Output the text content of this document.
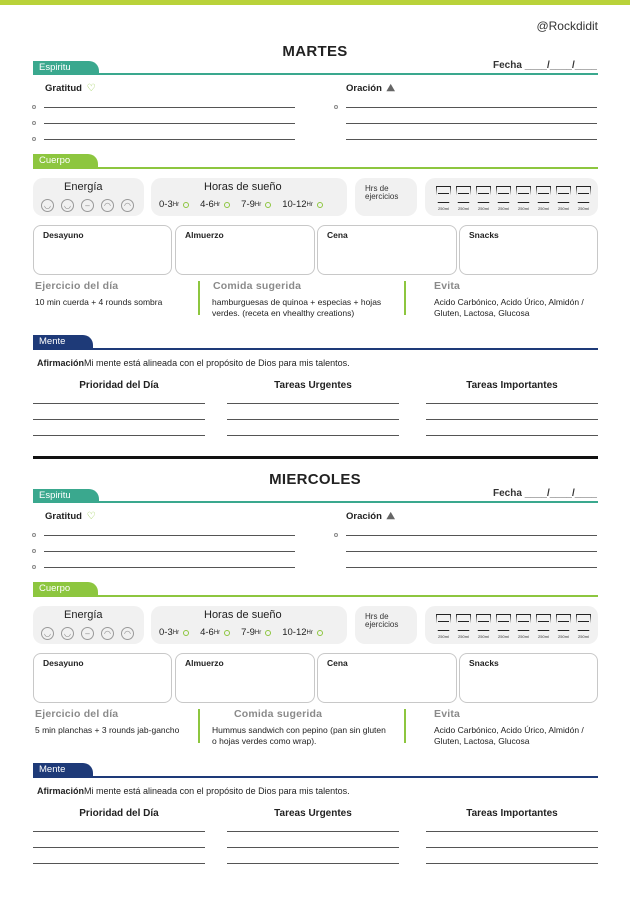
@Rockdidit
MARTES
Espiritu	Fecha ____/____/____
Gratitud ♡	Oración ⛰
Cuerpo
Energía
◡	◡	–	◠	◠
Horas de sueño
0-3 Hr 4-6 Hr 7-9 Hr 10-12 Hr
Hrs de ejercicios
250ml 250ml 250ml 250ml 250ml 250ml 250ml 250ml
Desayuno	Almuerzo	Cena	Snacks
Ejercicio del día
10 min cuerda + 4 rounds sombra
Comida sugerida
hamburguesas de quinoa + especias + hojas verdes. (receta en vhealthy creations)
Evita
Acido Carbónico, Acido Úrico, Almidón / Gluten, Lactosa, Glucosa
Mente
AfirmaciónMi mente está alineada con el propósito de Dios para mis talentos.
Prioridad del Día	Tareas Urgentes	Tareas Importantes
MIERCOLES
Espiritu	Fecha ____/____/____
Gratitud ♡	Oración ⛰
Cuerpo
Energía
◡	◡	–	◠	◠
Horas de sueño
0-3 Hr 4-6 Hr 7-9 Hr 10-12 Hr
Hrs de ejercicios
250ml 250ml 250ml 250ml 250ml 250ml 250ml 250ml
Desayuno	Almuerzo	Cena	Snacks
Ejercicio del día
5 min planchas + 3 rounds jab-gancho
Comida sugerida
Hummus sandwich con pepino (pan sin gluten o hojas verdes como wrap).
Evita
Acido Carbónico, Acido Úrico, Almidón / Gluten, Lactosa, Glucosa
Mente
AfirmaciónMi mente está alineada con el propósito de Dios para mis talentos.
Prioridad del Día	Tareas Urgentes	Tareas Importantes
